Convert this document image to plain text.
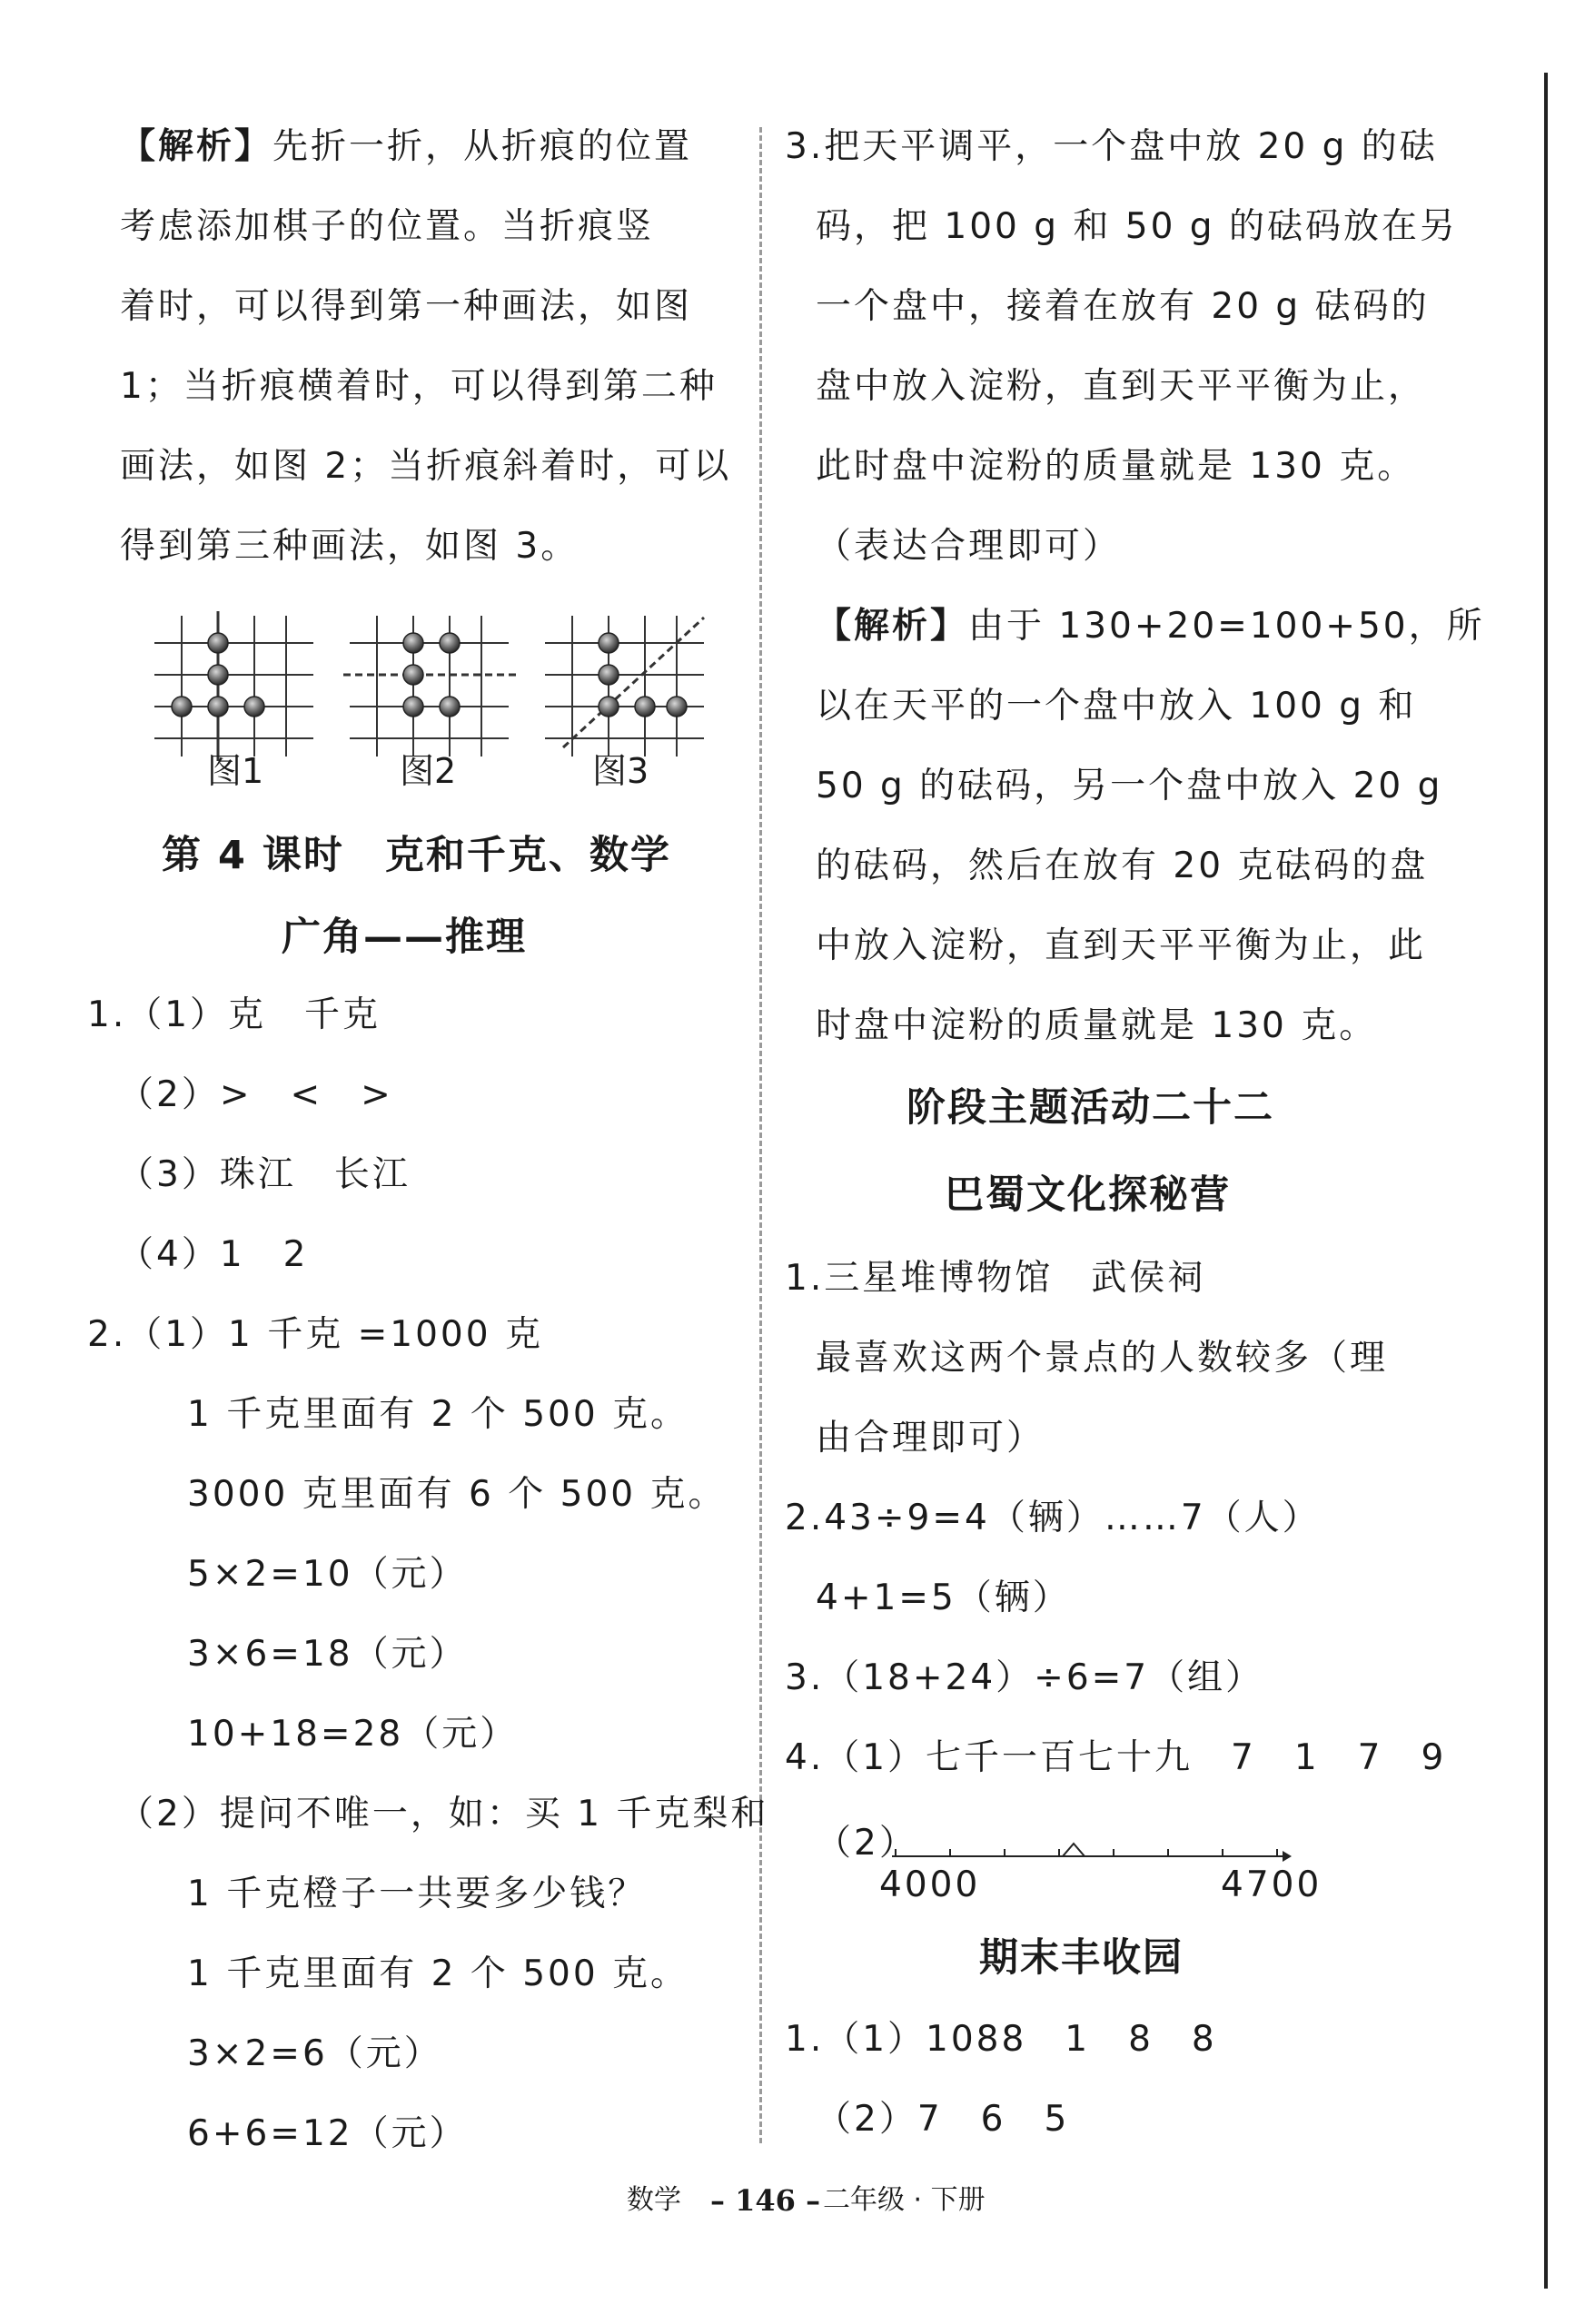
【解析】先折一折，从折痕的位置
考虑添加棋子的位置。当折痕竖
着时，可以得到第一种画法，如图
1；当折痕横着时，可以得到第二种
画法，如图 2；当折痕斜着时，可以
得到第三种画法，如图 3。
图1	图2	图3
第 4 课时　克和千克、数学
广角——推理
1.（1）克　千克
（2）>　<　>
（3）珠江　长江
（4）1　2
2.（1）1 千克 =1000 克
1 千克里面有 2 个 500 克。
3000 克里面有 6 个 500 克。
5×2=10（元）
3×6=18（元）
10+18=28（元）
（2）提问不唯一，如：买 1 千克梨和
1 千克橙子一共要多少钱？
1 千克里面有 2 个 500 克。
3×2=6（元）
6+6=12（元）
3.把天平调平，一个盘中放 20 g 的砝
码，把 100 g 和 50 g 的砝码放在另
一个盘中，接着在放有 20 g 砝码的
盘中放入淀粉，直到天平平衡为止，
此时盘中淀粉的质量就是 130 克。
（表达合理即可）
【解析】由于 130+20=100+50，所
以在天平的一个盘中放入 100 g 和
50 g 的砝码，另一个盘中放入 20 g
的砝码，然后在放有 20 克砝码的盘
中放入淀粉，直到天平平衡为止，此
时盘中淀粉的质量就是 130 克。
阶段主题活动二十二
巴蜀文化探秘营
1.三星堆博物馆　武侯祠
最喜欢这两个景点的人数较多（理
由合理即可）
2.43÷9=4（辆）……7（人）
4+1=5（辆）
3.（18+24）÷6=7（组）
4.（1）七千一百七十九　7　1　7　9
（2）
4000	4700
期末丰收园
1.（1）1088　1　8　8
（2）7　6　5
数学 – 146 – 二年级 · 下册
